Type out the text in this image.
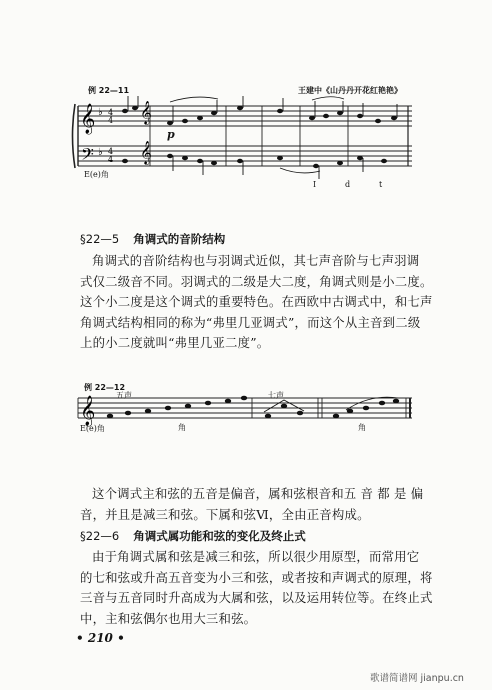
例 22—11	王建中《山丹丹开花红艳艳》
𝄞
𝄢
♭
♭
4
4
4
4
𝄞
𝄞
p
E(e)角
I	d	t
§22—5 角调式的音阶结构

角调式的音阶结构也与羽调式近似，其七声音阶与七声羽调

式仅二级音不同。羽调式的二级是大二度，角调式则是小二度。

这个小二度是这个调式的重要特色。在西欧中古调式中，和七声

角调式结构相同的称为“弗里几亚调式”，而这个从主音到二级

上的小二度就叫“弗里几亚二度”。

例 22—12
𝄞
五声	七声
E(e)角	角	角

这个调式主和弦的五音是偏音，属和弦根音和五 音 都 是 偏

音，并且是减三和弦。下属和弦Ⅵ，全由正音构成。

§22—6 角调式属功能和弦的变化及终止式

由于角调式属和弦是减三和弦，所以很少用原型，而常用它

的七和弦或升高五音变为小三和弦，或者按和声调式的原理，将

三音与五音同时升高成为大属和弦，以及运用转位等。在终止式

中，主和弦偶尔也用大三和弦。

• 210 •
歌谱简谱网 jianpu.cn
